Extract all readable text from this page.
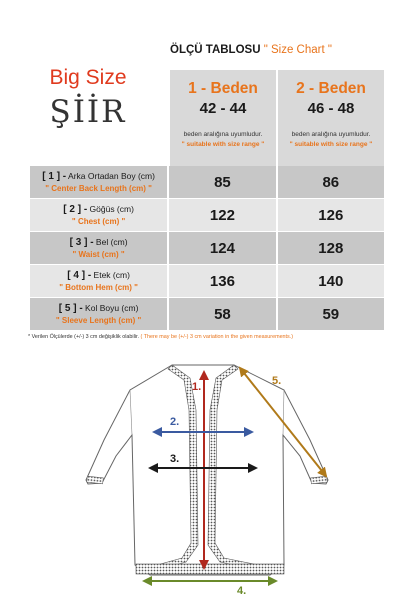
ÖLÇÜ TABLOSU " Size Chart "
Big Size
ŞİİR
1 - Beden
42 - 44
beden aralığına uyumludur.
" suitable with size range "
2 - Beden
46 - 48
beden aralığına uyumludur.
" suitable with size range "
[ 1 ] - Arka Ortadan Boy (cm)
" Center Back Length (cm) "	85	86
[ 2 ] - Göğüs (cm)
" Chest (cm) "	122	126
[ 3 ] - Bel (cm)
" Waist (cm) "	124	128
[ 4 ] - Etek (cm)
" Bottom Hem (cm) "	136	140
[ 5 ] - Kol Boyu (cm)
" Sleeve Length (cm) "	58	59
* Verilen Ölçülerde (+/-) 3 cm değişiklik olabilir. ( There may be (+/-) 3 cm variation in the given measurements.)
1.
2.
3.
4.
5.
